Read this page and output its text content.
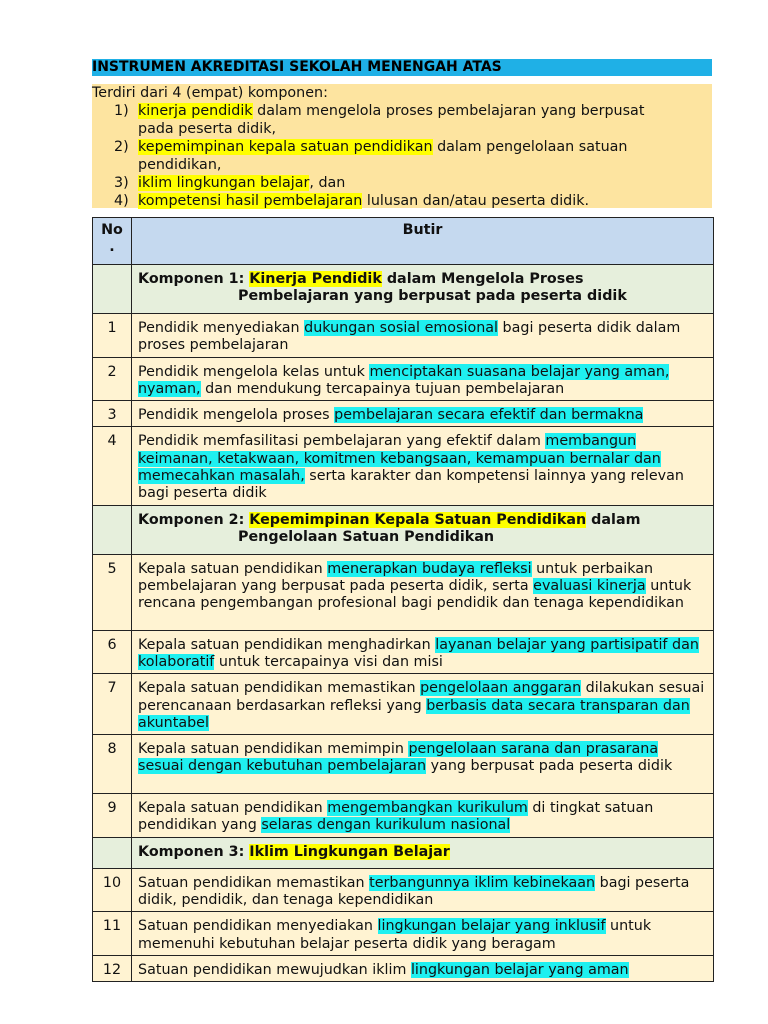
INSTRUMEN AKREDITASI SEKOLAH MENENGAH ATAS
Terdiri dari 4 (empat) komponen:
1) kinerja pendidik dalam mengelola proses pembelajaran yang berpusat
pada peserta didik,
2) kepemimpinan kepala satuan pendidikan dalam pengelolaan satuan
pendidikan,
3) iklim lingkungan belajar, dan
4) kompetensi hasil pembelajaran lulusan dan/atau peserta didik.
No
.	Butir
	Komponen 1: Kinerja Pendidik dalam Mengelola Proses
Pembelajaran yang berpusat pada peserta didik
1	Pendidik menyediakan dukungan sosial emosional bagi peserta didik dalam proses pembelajaran
2	Pendidik mengelola kelas untuk menciptakan suasana belajar yang aman, nyaman, dan mendukung tercapainya tujuan pembelajaran
3	Pendidik mengelola proses pembelajaran secara efektif dan bermakna
4	Pendidik memfasilitasi pembelajaran yang efektif dalam membangun keimanan, ketakwaan, komitmen kebangsaan, kemampuan bernalar dan memecahkan masalah, serta karakter dan kompetensi lainnya yang relevan bagi peserta didik
	Komponen 2: Kepemimpinan Kepala Satuan Pendidikan dalam
Pengelolaan Satuan Pendidikan
5	Kepala satuan pendidikan menerapkan budaya refleksi untuk perbaikan pembelajaran yang berpusat pada peserta didik, serta evaluasi kinerja untuk rencana pengembangan profesional bagi pendidik dan tenaga kependidikan
6	Kepala satuan pendidikan menghadirkan layanan belajar yang partisipatif dan kolaboratif untuk tercapainya visi dan misi
7	Kepala satuan pendidikan memastikan pengelolaan anggaran dilakukan sesuai perencanaan berdasarkan refleksi yang berbasis data secara transparan dan akuntabel
8	Kepala satuan pendidikan memimpin pengelolaan sarana dan prasarana sesuai dengan kebutuhan pembelajaran yang berpusat pada peserta didik
9	Kepala satuan pendidikan mengembangkan kurikulum di tingkat satuan pendidikan yang selaras dengan kurikulum nasional
	Komponen 3: Iklim Lingkungan Belajar
10	Satuan pendidikan memastikan terbangunnya iklim kebinekaan bagi peserta didik, pendidik, dan tenaga kependidikan
11	Satuan pendidikan menyediakan lingkungan belajar yang inklusif untuk memenuhi kebutuhan belajar peserta didik yang beragam
12	Satuan pendidikan mewujudkan iklim lingkungan belajar yang aman
